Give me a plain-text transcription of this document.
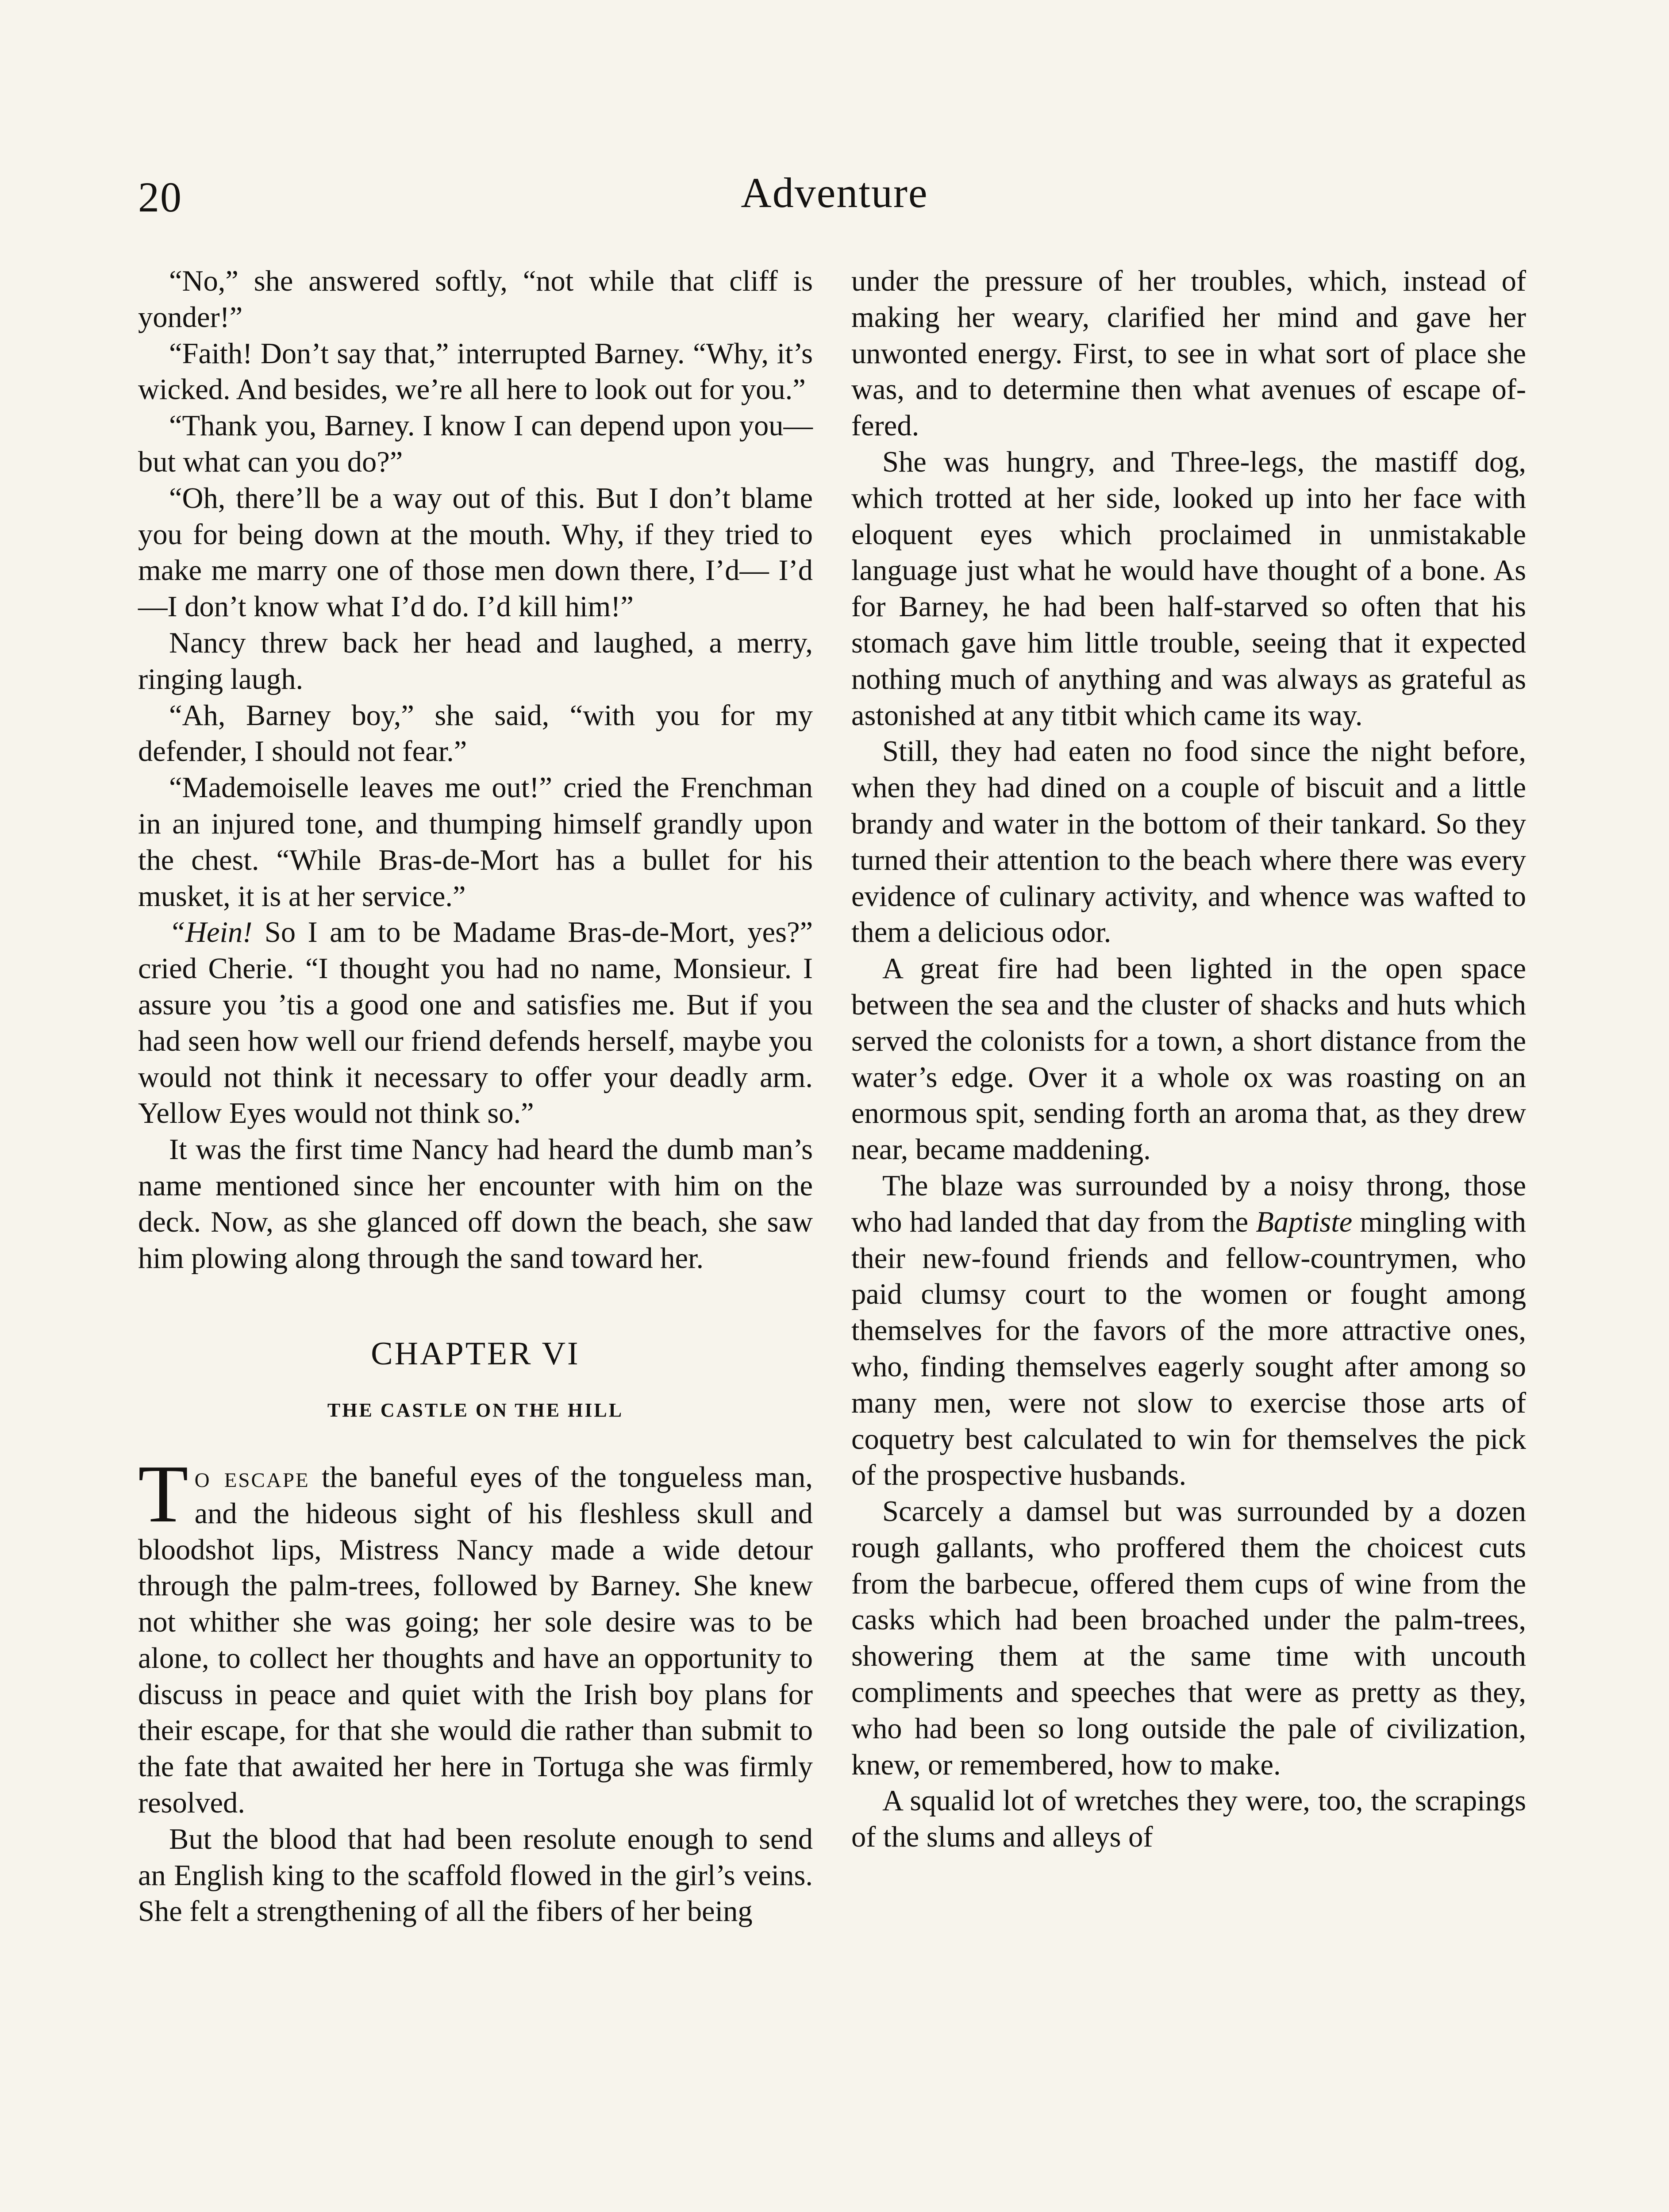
20	Adventure

“No,” she answered softly, “not while that cliff is yonder!”

“Faith! Don’t say that,” interrupted Barney. “Why, it’s wicked. And besides, we’re all here to look out for you.”

“Thank you, Barney. I know I can depend upon you—but what can you do?”

“Oh, there’ll be a way out of this. But I don’t blame you for being down at the mouth. Why, if they tried to make me marry one of those men down there, I’d— I’d—I don’t know what I’d do. I’d kill him!”

Nancy threw back her head and laughed, a merry, ringing laugh.

“Ah, Barney boy,” she said, “with you for my defender, I should not fear.”

“Mademoiselle leaves me out!” cried the Frenchman in an injured tone, and thumping himself grandly upon the chest. “While Bras-de-Mort has a bullet for his musket, it is at her service.”

“Hein! So I am to be Madame Bras-de-Mort, yes?” cried Cherie. “I thought you had no name, Monsieur. I assure you ’tis a good one and satisfies me. But if you had seen how well our friend defends herself, maybe you would not think it necessary to offer your deadly arm. Yellow Eyes would not think so.”

It was the first time Nancy had heard the dumb man’s name mentioned since her encounter with him on the deck. Now, as she glanced off down the beach, she saw him plowing along through the sand toward her.

CHAPTER VI
THE CASTLE ON THE HILL

To escape the baneful eyes of the tongueless man, and the hideous sight of his fleshless skull and bloodshot lips, Mistress Nancy made a wide detour through the palm-trees, followed by Barney. She knew not whither she was going; her sole desire was to be alone, to collect her thoughts and have an opportunity to discuss in peace and quiet with the Irish boy plans for their escape, for that she would die rather than submit to the fate that awaited her here in Tortuga she was firmly resolved.

But the blood that had been resolute enough to send an English king to the scaffold flowed in the girl’s veins. She felt a strengthening of all the fibers of her being

under the pressure of her troubles, which, instead of making her weary, clarified her mind and gave her unwonted energy. First, to see in what sort of place she was, and to determine then what avenues of escape offered.

She was hungry, and Three-legs, the mastiff dog, which trotted at her side, looked up into her face with eloquent eyes which proclaimed in unmistakable language just what he would have thought of a bone. As for Barney, he had been half-starved so often that his stomach gave him little trouble, seeing that it expected nothing much of anything and was always as grateful as astonished at any titbit which came its way.

Still, they had eaten no food since the night before, when they had dined on a couple of biscuit and a little brandy and water in the bottom of their tankard. So they turned their attention to the beach where there was every evidence of culinary activity, and whence was wafted to them a delicious odor.

A great fire had been lighted in the open space between the sea and the cluster of shacks and huts which served the colonists for a town, a short distance from the water’s edge. Over it a whole ox was roasting on an enormous spit, sending forth an aroma that, as they drew near, became maddening.

The blaze was surrounded by a noisy throng, those who had landed that day from the Baptiste mingling with their new-found friends and fellow-countrymen, who paid clumsy court to the women or fought among themselves for the favors of the more attractive ones, who, finding themselves eagerly sought after among so many men, were not slow to exercise those arts of coquetry best calculated to win for themselves the pick of the prospective husbands.

Scarcely a damsel but was surrounded by a dozen rough gallants, who proffered them the choicest cuts from the barbecue, offered them cups of wine from the casks which had been broached under the palm-trees, showering them at the same time with uncouth compliments and speeches that were as pretty as they, who had been so long outside the pale of civilization, knew, or remembered, how to make.

A squalid lot of wretches they were, too, the scrapings of the slums and alleys of
